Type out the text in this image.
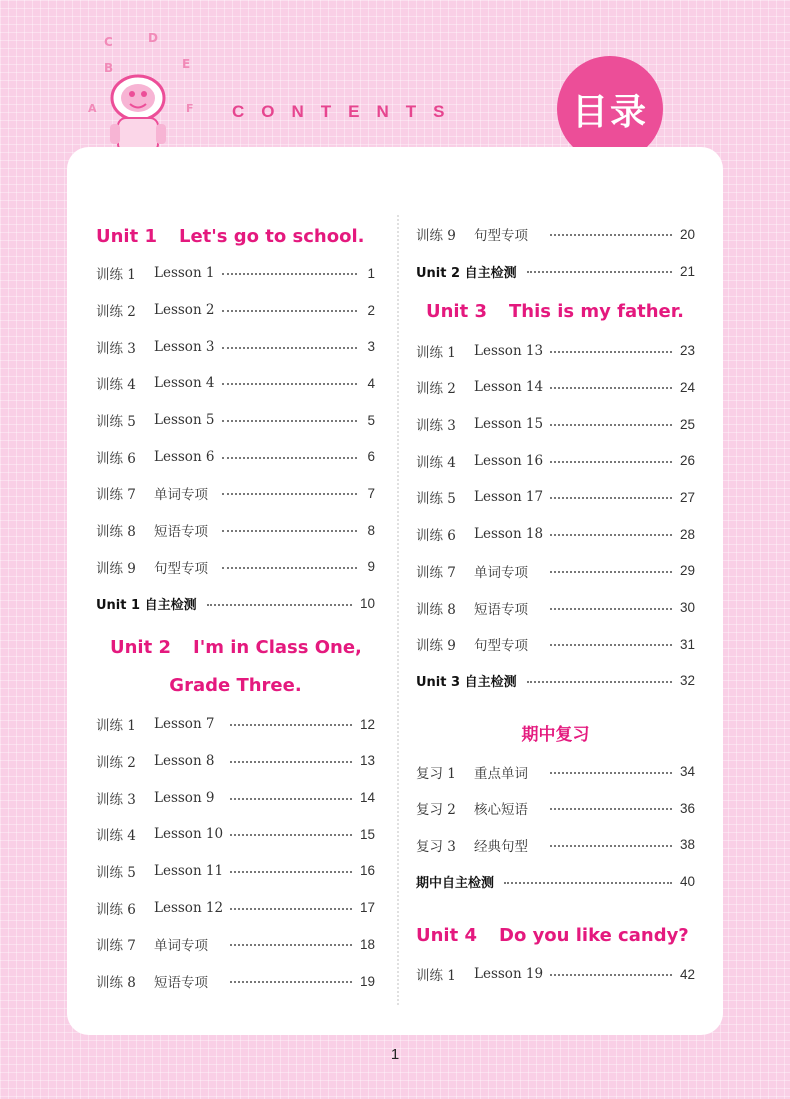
C	D
B	E
A	F CONTENTS	目录
Unit 1 Let's go to school.
训练 1	Lesson 1	1
训练 2	Lesson 2	2
训练 3	Lesson 3	3
训练 4	Lesson 4	4
训练 5	Lesson 5	5
训练 6	Lesson 6	6
训练 7	单词专项	7
训练 8	短语专项	8
训练 9	句型专项	9
Unit 1 自主检测	10
Unit 2 I'm in Class One,
Grade Three.
训练 1	Lesson 7	12
训练 2	Lesson 8	13
训练 3	Lesson 9	14
训练 4	Lesson 10	15
训练 5	Lesson 11	16
训练 6	Lesson 12	17
训练 7	单词专项	18
训练 8	短语专项	19
训练 9	句型专项	20
Unit 2 自主检测	21
Unit 3 This is my father.
训练 1	Lesson 13	23
训练 2	Lesson 14	24
训练 3	Lesson 15	25
训练 4	Lesson 16	26
训练 5	Lesson 17	27
训练 6	Lesson 18	28
训练 7	单词专项	29
训练 8	短语专项	30
训练 9	句型专项	31
Unit 3 自主检测	32
期中复习
复习 1	重点单词	34
复习 2	核心短语	36
复习 3	经典句型	38
期中自主检测	40
Unit 4 Do you like candy?
训练 1	Lesson 19	42
1
